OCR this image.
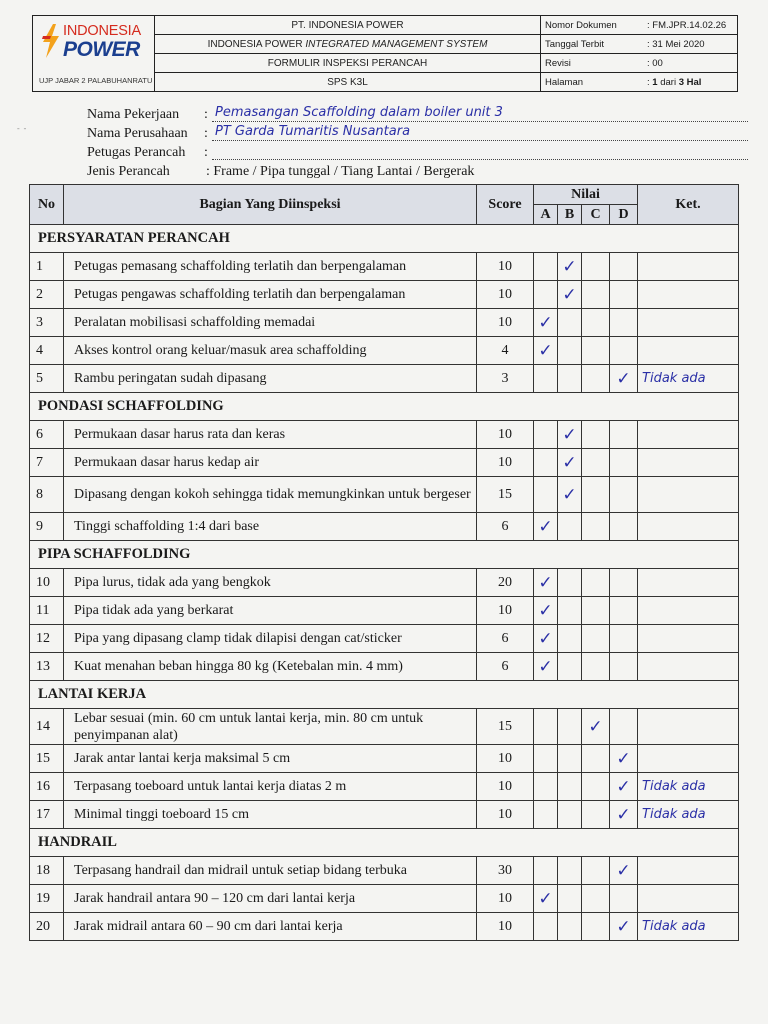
INDONESIA
POWER
UJP JABAR 2 PALABUHANRATU
PT. INDONESIA POWER
INDONESIA POWER
INTEGRATED MANAGEMENT SYSTEM
FORMULIR INSPEKSI PERANCAH
SPS K3L
Nomor Dokumen	: FM.JPR.14.02.26
Tanggal Terbit	: 31 Mei 2020
Revisi	: 00
Halaman	: 1 dari 3 Hal
- -
Nama Pekerjaan	: Pemasangan Scaffolding dalam boiler unit 3
Nama Perusahaan	: PT Garda Tumaritis Nusantara
Petugas Perancah	:
Jenis Perancah	: Frame / Pipa tunggal / Tiang Lantai / Bergerak
No	Bagian Yang Diinspeksi	Score	Nilai				Ket.
			A	B	C	D	
PERSYARATAN PERANCAH							
1	Petugas pemasang schaffolding terlatih dan berpengalaman	10		✓			
2	Petugas pengawas schaffolding terlatih dan berpengalaman	10		✓			
3	Peralatan mobilisasi schaffolding memadai	10	✓				
4	Akses kontrol orang keluar/masuk area schaffolding	4	✓				
5	Rambu peringatan sudah dipasang	3				✓	Tidak ada
PONDASI SCHAFFOLDING							
6	Permukaan dasar harus rata dan keras	10		✓			
7	Permukaan dasar harus kedap air	10		✓			
8	Dipasang dengan kokoh sehingga tidak memungkinkan untuk bergeser	15		✓			
9	Tinggi schaffolding 1:4 dari base	6	✓				
PIPA SCHAFFOLDING							
10	Pipa lurus, tidak ada yang bengkok	20	✓				
11	Pipa tidak ada yang berkarat	10	✓				
12	Pipa yang dipasang clamp tidak dilapisi dengan cat/sticker	6	✓				
13	Kuat menahan beban hingga 80 kg (Ketebalan min. 4 mm)	6	✓				
LANTAI KERJA							
14	Lebar sesuai (min. 60 cm untuk lantai kerja, min. 80 cm untuk penyimpanan alat)	15			✓		
15	Jarak antar lantai kerja maksimal 5 cm	10				✓	
16	Terpasang toeboard untuk lantai kerja diatas 2 m	10				✓	Tidak ada
17	Minimal tinggi toeboard 15 cm	10				✓	Tidak ada
HANDRAIL							
18	Terpasang handrail dan midrail untuk setiap bidang terbuka	30				✓	
19	Jarak handrail antara 90 – 120 cm dari lantai kerja	10	✓				
20	Jarak midrail antara 60 – 90 cm dari lantai kerja	10				✓	Tidak ada
